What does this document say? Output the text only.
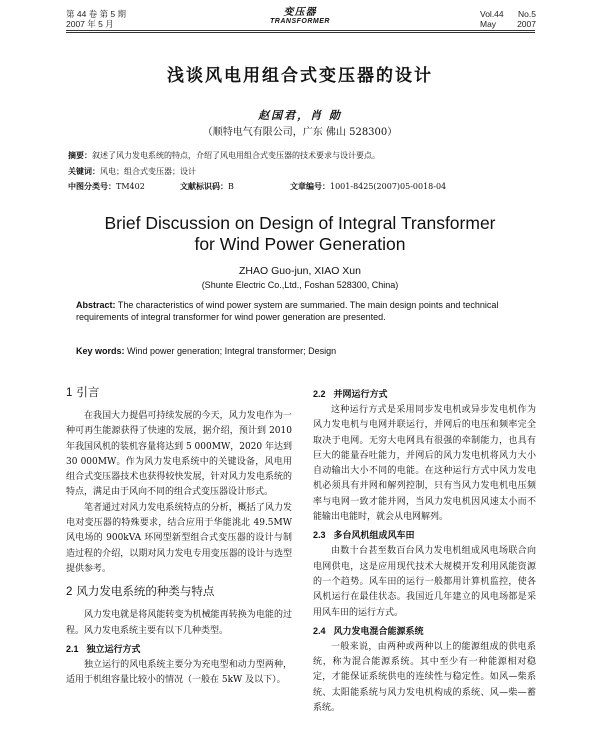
第 44 卷 第 5 期
2007 年 5 月
变压器
TRANSFORMER
Vol.44 No.5
May 2007
浅谈风电用组合式变压器的设计
赵国君，肖 勋
（顺特电气有限公司，广东 佛山 528300）
摘要：叙述了风力发电系统的特点，介绍了风电用组合式变压器的技术要求与设计要点。
关键词：风电；组合式变压器；设计
中图分类号：TM402	文献标识码：B	文章编号：1001-8425(2007)05-0018-04
Brief Discussion on Design of Integral Transformer
for Wind Power Generation
ZHAO Guo-jun, XIAO Xun
(Shunte Electric Co.,Ltd., Foshan 528300, China)
Abstract: The characteristics of wind power system are summaried. The main design points and technical requirements of integral transformer for wind power generation are presented.
Key words: Wind power generation; Integral transformer; Design
1 引言

在我国大力提倡可持续发展的今天，风力发电作为一种可再生能源获得了快速的发展，据介绍，预计到 2010 年我国风机的装机容量将达到 5 000MW，2020 年达到 30 000MW。作为风力发电系统中的关键设备，风电用组合式变压器技术也获得较快发展，针对风力发电系统的特点，满足由于风向不同的组合式变压器设计形式。

笔者通过对风力发电系统特点的分析，概括了风力发电对变压器的特殊要求，结合应用于华能洮北 49.5MW 风电场的 900kVA 环网型新型组合式变压器的设计与制造过程的介绍，以期对风力发电专用变压器的设计与选型提供参考。

2 风力发电系统的种类与特点

风力发电就是将风能转变为机械能再转换为电能的过程。风力发电系统主要有以下几种类型。

2.1 独立运行方式

独立运行的风电系统主要分为充电型和动力型两种，适用于机组容量比较小的情况（一般在 5kW 及以下）。

2.2 并网运行方式

这种运行方式是采用同步发电机或异步发电机作为风力发电机与电网并联运行，并网后的电压和频率完全取决于电网。无穷大电网具有很强的牵制能力，也具有巨大的能量吞吐能力，并网后的风力发电机将风力大小自动输出大小不同的电能。在这种运行方式中风力发电机必须具有并网和解列控制，只有当风力发电机电压频率与电网一致才能并网，当风力发电机因风速太小而不能输出电能时，就会从电网解列。

2.3 多台风机组成风车田

由数十台甚至数百台风力发电机组成风电场联合向电网供电，这是应用现代技术大规模开发利用风能资源的一个趋势。风车田的运行一般都用计算机监控，使各风机运行在最佳状态。我国近几年建立的风电场都是采用风车田的运行方式。

2.4 风力发电混合能源系统

一般来说，由两种或两种以上的能源组成的供电系统，称为混合能源系统。其中至少有一种能源相对稳定，才能保证系统供电的连续性与稳定性。如风—柴系统、太阳能系统与风力发电机构成的系统、风—柴—蓄系统。
